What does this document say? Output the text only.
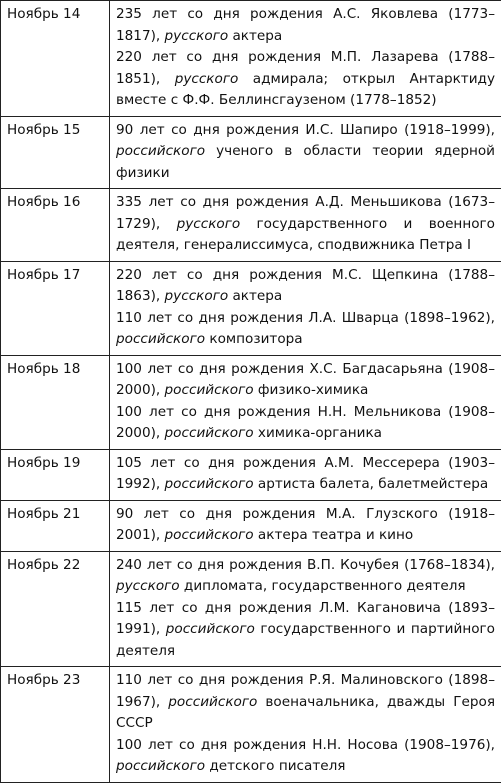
Ноябрь 14	235 лет со дня рождения А.С. Яковлева (1773–1817), русского актера
220 лет со дня рождения М.П. Лазарева (1788–1851), русского адмирала; открыл Антарктиду вместе с Ф.Ф. Беллинсгаузеном (1778–1852)

Ноябрь 15	90 лет со дня рождения И.С. Шапиро (1918–1999), российского ученого в области теории ядерной физики

Ноябрь 16	335 лет со дня рождения А.Д. Меньшикова (1673–1729), русского государственного и военного деятеля, генералиссимуса, сподвижника Петра I

Ноябрь 17	220 лет со дня рождения М.С. Щепкина (1788–1863), русского актера
110 лет со дня рождения Л.А. Шварца (1898–1962), российского композитора

Ноябрь 18	100 лет со дня рождения Х.С. Багдасарьяна (1908–2000), российского физико-химика
100 лет со дня рождения Н.Н. Мельникова (1908–2000), российского химика-органика

Ноябрь 19	105 лет со дня рождения А.М. Мессерера (1903–1992), российского артиста балета, балетмейстера

Ноябрь 21	90 лет со дня рождения М.А. Глузского (1918–2001), российского актера театра и кино

Ноябрь 22	240 лет со дня рождения В.П. Кочубея (1768–1834), русского дипломата, государственного деятеля
115 лет со дня рождения Л.М. Кагановича (1893–1991), российского государственного и партийного деятеля

Ноябрь 23	110 лет со дня рождения Р.Я. Малиновского (1898–1967), российского военачальника, дважды Героя СССР
100 лет со дня рождения Н.Н. Носова (1908–1976), российского детского писателя
